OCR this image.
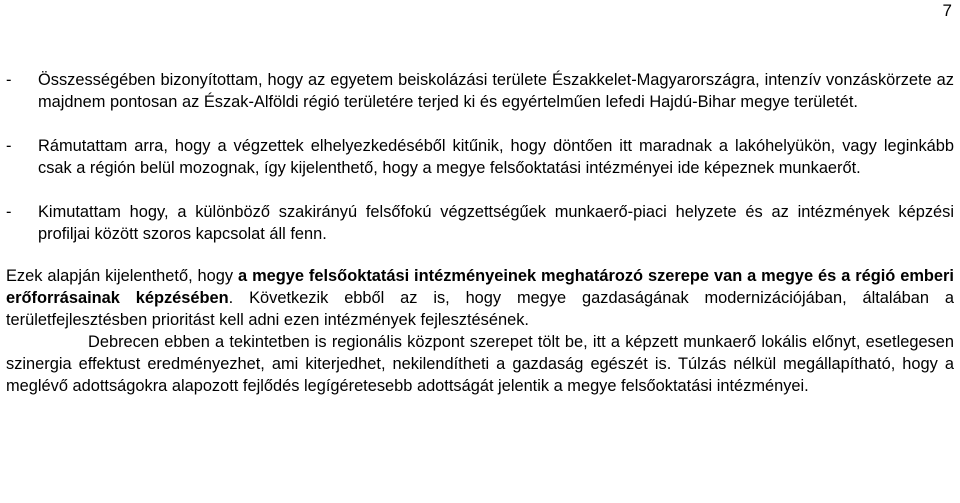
7

- Összességében bizonyítottam, hogy az egyetem beiskolázási területe Északkelet-Magyarországra, intenzív vonzáskörzete az majdnem pontosan az Észak-Alföldi régió területére terjed ki és egyértelműen lefedi Hajdú-Bihar megye területét.

- Rámutattam arra, hogy a végzettek elhelyezkedéséből kitűnik, hogy döntően itt maradnak a lakóhelyükön, vagy leginkább csak a régión belül mozognak, így kijelenthető, hogy a megye felsőoktatási intézményei ide képeznek munkaerőt.

- Kimutattam hogy, a különböző szakirányú felsőfokú végzettségűek munkaerő-piaci helyzete és az intézmények képzési profiljai között szoros kapcsolat áll fenn.

Ezek alapján kijelenthető, hogy a megye felsőoktatási intézményeinek meghatározó szerepe van a megye és a régió emberi erőforrásainak képzésében. Következik ebből az is, hogy megye gazdaságának modernizációjában, általában a területfejlesztésben prioritást kell adni ezen intézmények fejlesztésének.

Debrecen ebben a tekintetben is regionális központ szerepet tölt be, itt a képzett munkaerő lokális előnyt, esetlegesen szinergia effektust eredményezhet, ami kiterjedhet, nekilendítheti a gazdaság egészét is. Túlzás nélkül megállapítható, hogy a meglévő adottságokra alapozott fejlődés legígéretesebb adottságát jelentik a megye felsőoktatási intézményei.
